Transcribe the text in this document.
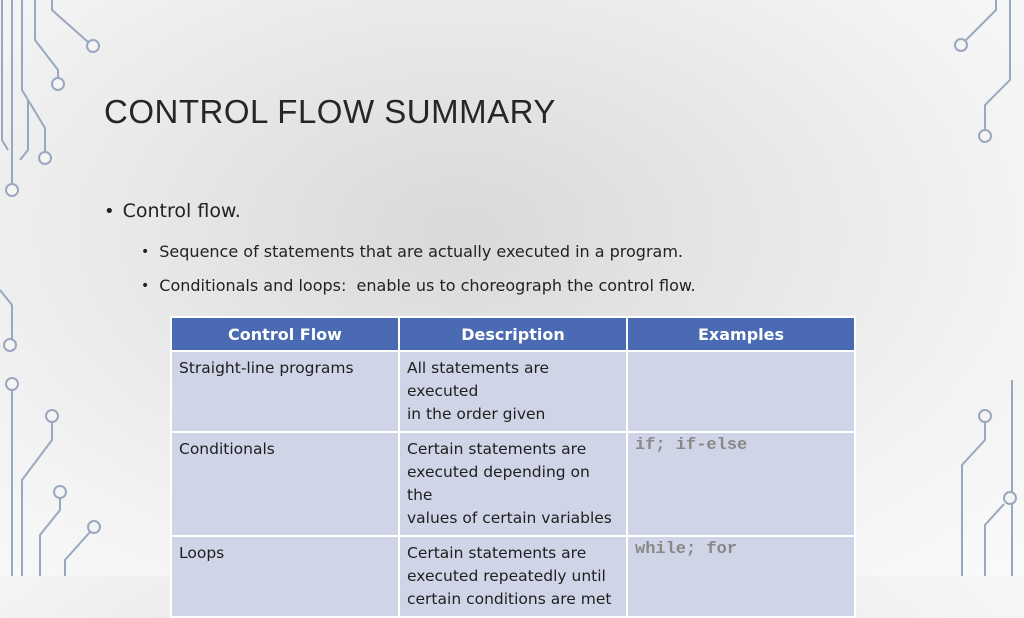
CONTROL FLOW SUMMARY
• Control flow.
• Sequence of statements that are actually executed in a program.
• Conditionals and loops:  enable us to choreograph the control flow.
Control Flow	Description	Examples
Straight-line programs	All statements are executed
in the order given	

Conditionals	Certain statements are
executed depending on the
values of certain variables	if; if-else
Loops	Certain statements are
executed repeatedly until
certain conditions are met	while; for
